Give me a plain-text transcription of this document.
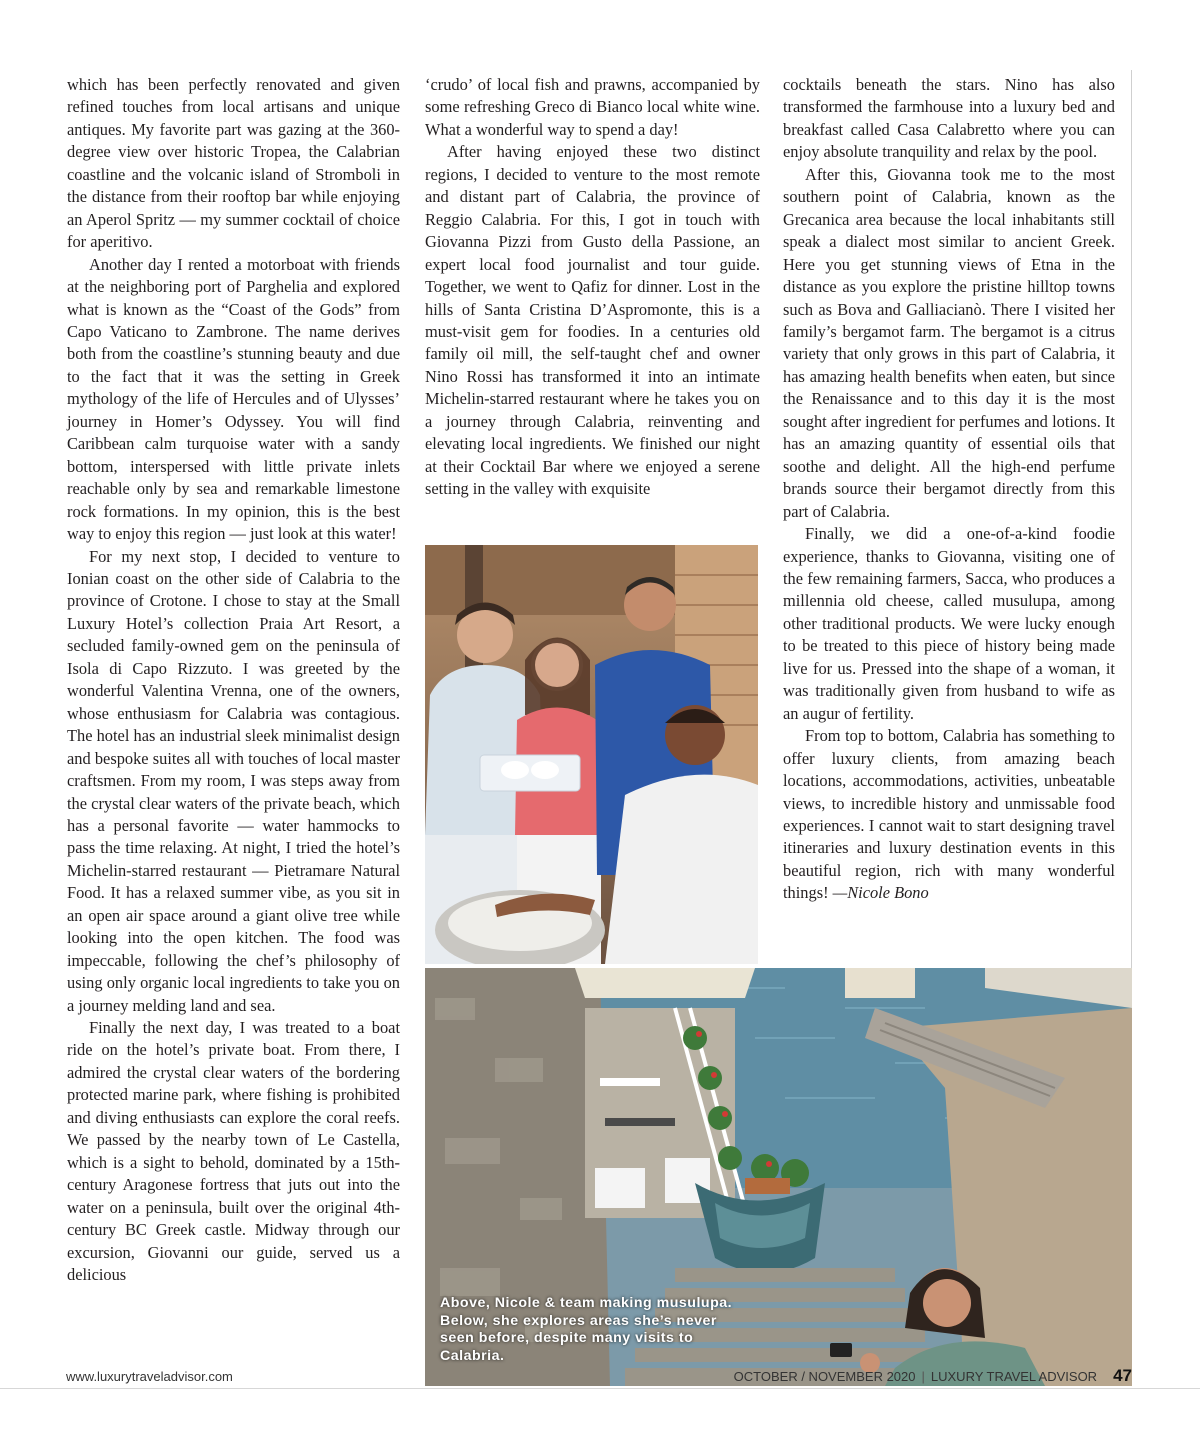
which has been perfectly renovated and given refined touches from local artisans and unique antiques. My favorite part was gazing at the 360-degree view over historic Tropea, the Calabrian coastline and the volcanic island of Stromboli in the distance from their rooftop bar while enjoying an Aperol Spritz — my summer cocktail of choice for aperitivo.

Another day I rented a motorboat with friends at the neighboring port of Parghelia and explored what is known as the “Coast of the Gods” from Capo Vaticano to Zambrone. The name derives both from the coastline’s stunning beauty and due to the fact that it was the setting in Greek mythology of the life of Hercules and of Ulysses’ journey in Homer’s Odyssey. You will find Caribbean calm turquoise water with a sandy bottom, interspersed with little private inlets reachable only by sea and remarkable limestone rock formations. In my opinion, this is the best way to enjoy this region — just look at this water!

For my next stop, I decided to venture to Ionian coast on the other side of Calabria to the province of Crotone. I chose to stay at the Small Luxury Hotel’s collection Praia Art Resort, a secluded family-owned gem on the peninsula of Isola di Capo Rizzuto. I was greeted by the wonderful Valentina Vrenna, one of the owners, whose enthusiasm for Calabria was contagious. The hotel has an industrial sleek minimalist design and bespoke suites all with touches of local master craftsmen. From my room, I was steps away from the crystal clear waters of the private beach, which has a personal favorite — water hammocks to pass the time relaxing. At night, I tried the hotel’s Michelin-starred restaurant — Pietramare Natural Food. It has a relaxed summer vibe, as you sit in an open air space around a giant olive tree while looking into the open kitchen. The food was impeccable, following the chef’s philosophy of using only organic local ingredients to take you on a journey melding land and sea.

Finally the next day, I was treated to a boat ride on the hotel’s private boat. From there, I admired the crystal clear waters of the bordering protected marine park, where fishing is prohibited and diving enthusiasts can explore the coral reefs. We passed by the nearby town of Le Castella, which is a sight to behold, dominated by a 15th-century Aragonese fortress that juts out into the water on a peninsula, built over the original 4th-century BC Greek castle. Midway through our excursion, Giovanni our guide, served us a delicious

‘crudo’ of local fish and prawns, accompanied by some refreshing Greco di Bianco local white wine. What a wonderful way to spend a day!

After having enjoyed these two distinct regions, I decided to venture to the most remote and distant part of Calabria, the province of Reggio Calabria. For this, I got in touch with Giovanna Pizzi from Gusto della Passione, an expert local food journalist and tour guide. Together, we went to Qafiz for dinner. Lost in the hills of Santa Cristina D’Aspromonte, this is a must-visit gem for foodies. In a centuries old family oil mill, the self-taught chef and owner Nino Rossi has transformed it into an intimate Michelin-starred restaurant where he takes you on a journey through Calabria, reinventing and elevating local ingredients. We finished our night at their Cocktail Bar where we enjoyed a serene setting in the valley with exquisite

cocktails beneath the stars. Nino has also transformed the farmhouse into a luxury bed and breakfast called Casa Calabretto where you can enjoy absolute tranquility and relax by the pool.

After this, Giovanna took me to the most southern point of Calabria, known as the Grecanica area because the local inhabitants still speak a dialect most similar to ancient Greek. Here you get stunning views of Etna in the distance as you explore the pristine hilltop towns such as Bova and Galliacianò. There I visited her family’s bergamot farm. The bergamot is a citrus variety that only grows in this part of Calabria, it has amazing health benefits when eaten, but since the Renaissance and to this day it is the most sought after ingredient for perfumes and lotions. It has an amazing quantity of essential oils that soothe and delight. All the high-end perfume brands source their bergamot directly from this part of Calabria.

Finally, we did a one-of-a-kind foodie experience, thanks to Giovanna, visiting one of the few remaining farmers, Sacca, who produces a millennia old cheese, called musulupa, among other traditional products. We were lucky enough to be treated to this piece of history being made live for us. Pressed into the shape of a woman, it was traditionally given from husband to wife as an augur of fertility.

From top to bottom, Calabria has something to offer luxury clients, from amazing beach locations, accommodations, activities, unbeatable views, to incredible history and unmissable food experiences. I cannot wait to start designing travel itineraries and luxury destination events in this beautiful region, rich with many wonderful things! —Nicole Bono

Above, Nicole & team making musulupa. Below, she explores areas she’s never seen before, despite many visits to Calabria.
www.luxurytraveladvisor.com	OCTOBER / NOVEMBER 2020 | LUXURY TRAVEL ADVISOR 47
